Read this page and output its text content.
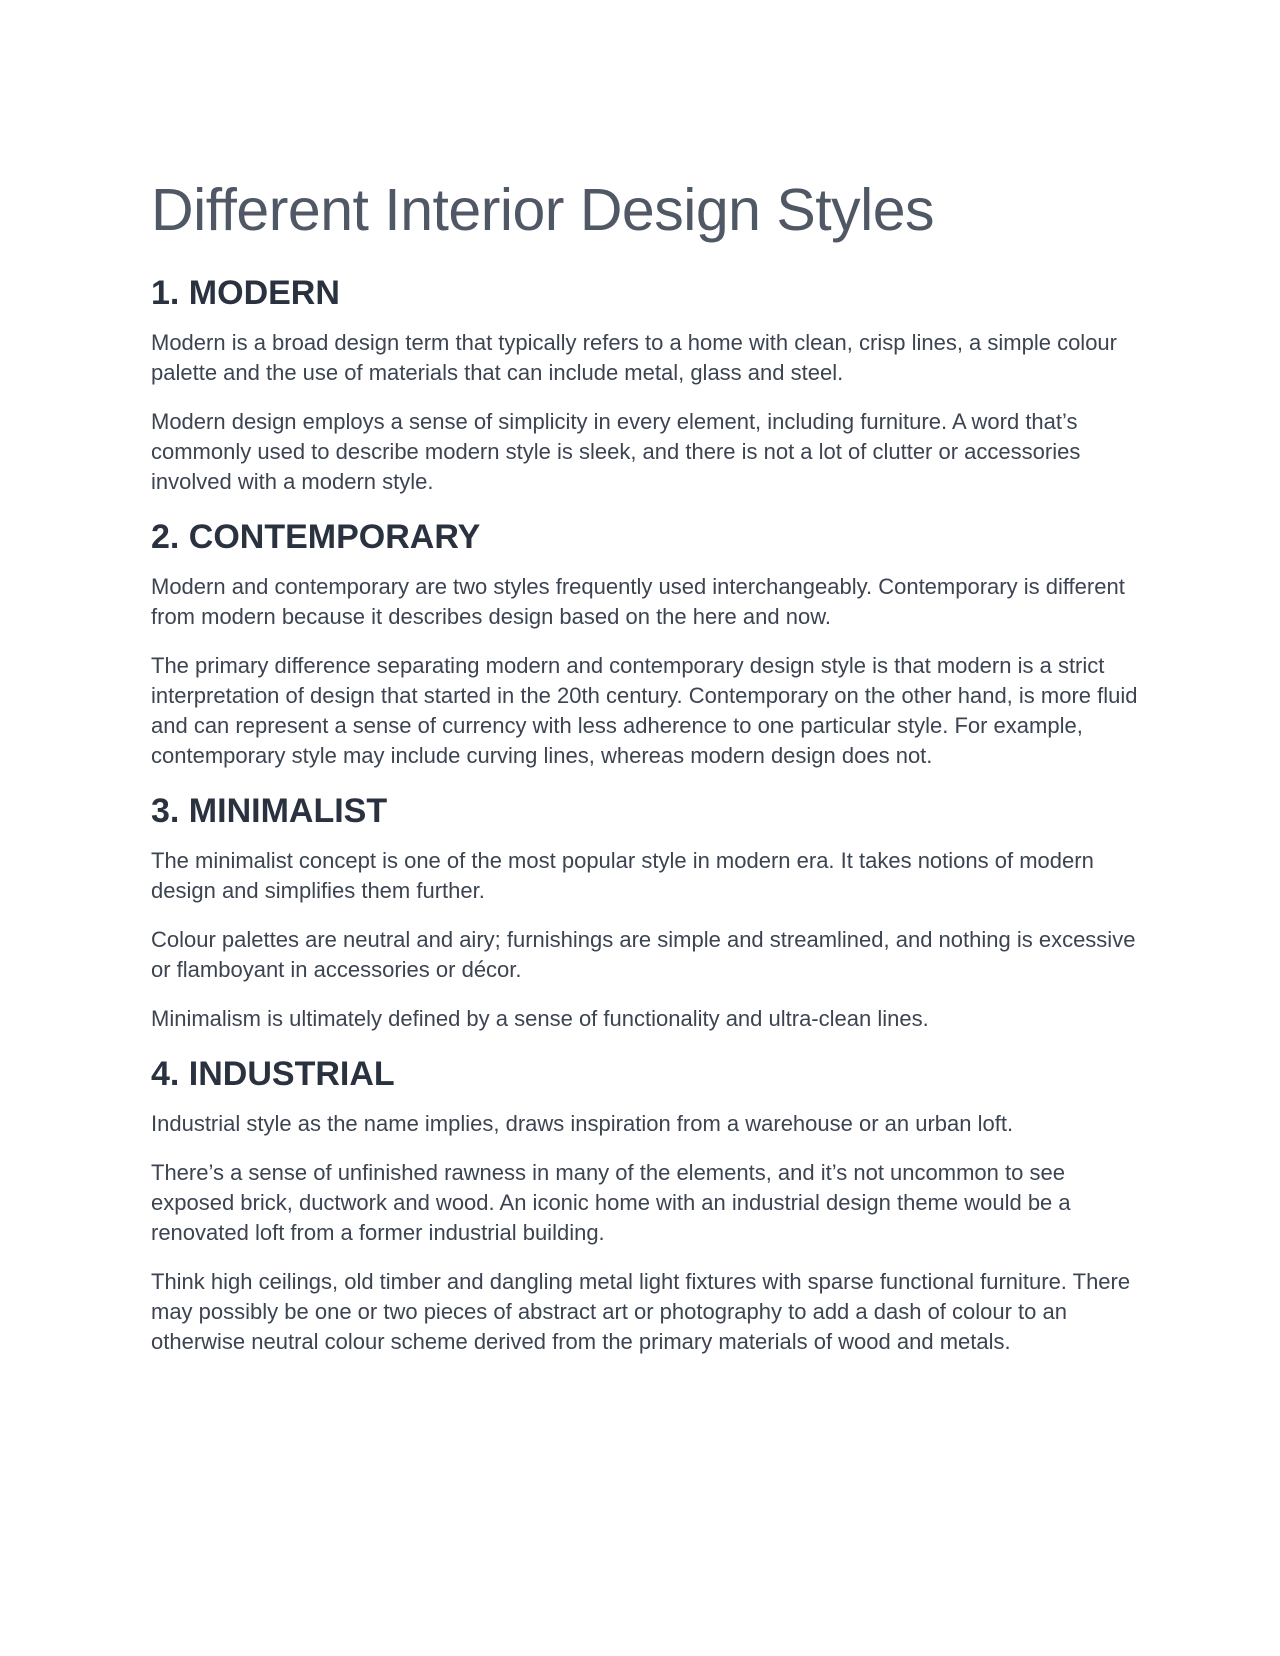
Different Interior Design Styles
1. MODERN

Modern is a broad design term that typically refers to a home with clean, crisp lines, a simple colour palette and the use of materials that can include metal, glass and steel.

Modern design employs a sense of simplicity in every element, including furniture. A word that’s commonly used to describe modern style is sleek, and there is not a lot of clutter or accessories involved with a modern style.

2. CONTEMPORARY

Modern and contemporary are two styles frequently used interchangeably. Contemporary is different from modern because it describes design based on the here and now.

The primary difference separating modern and contemporary design style is that modern is a strict interpretation of design that started in the 20th century. Contemporary on the other hand, is more fluid and can represent a sense of currency with less adherence to one particular style. For example, contemporary style may include curving lines, whereas modern design does not.

3. MINIMALIST

The minimalist concept is one of the most popular style in modern era. It takes notions of modern design and simplifies them further.

Colour palettes are neutral and airy; furnishings are simple and streamlined, and nothing is excessive or flamboyant in accessories or décor.

Minimalism is ultimately defined by a sense of functionality and ultra-clean lines.

4. INDUSTRIAL

Industrial style as the name implies, draws inspiration from a warehouse or an urban loft.

There’s a sense of unfinished rawness in many of the elements, and it’s not uncommon to see exposed brick, ductwork and wood. An iconic home with an industrial design theme would be a renovated loft from a former industrial building.

Think high ceilings, old timber and dangling metal light fixtures with sparse functional furniture. There may possibly be one or two pieces of abstract art or photography to add a dash of colour to an otherwise neutral colour scheme derived from the primary materials of wood and metals.
